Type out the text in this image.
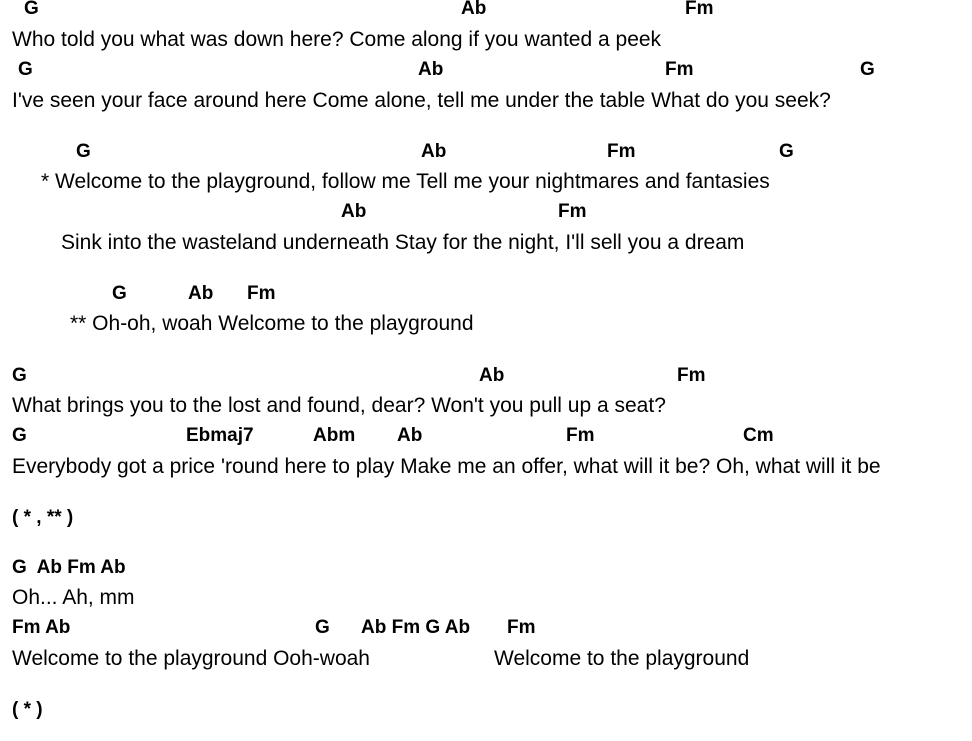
G	Ab	Fm
Who told you what was down here? Come along if you wanted a peek
G	Ab	Fm	G
I've seen your face around here Come alone, tell me under the table What do you seek?
G	Ab	Fm	G
* Welcome to the playground, follow me Tell me your nightmares and fantasies
Ab	Fm
Sink into the wasteland underneath Stay for the night, I'll sell you a dream
G	Ab Fm
** Oh-oh, woah Welcome to the playground
G	Ab	Fm
What brings you to the lost and found, dear? Won't you pull up a seat?
G	Ebmaj7	Abm Ab	Fm	Cm
Everybody got a price 'round here to play Make me an offer, what will it be? Oh, what will it be
( * , ** )
G  Ab Fm Ab
Oh... Ah, mm
Fm Ab	G Ab Fm G Ab Fm
Welcome to the playground Ooh-woah	Welcome to the playground
( * )
